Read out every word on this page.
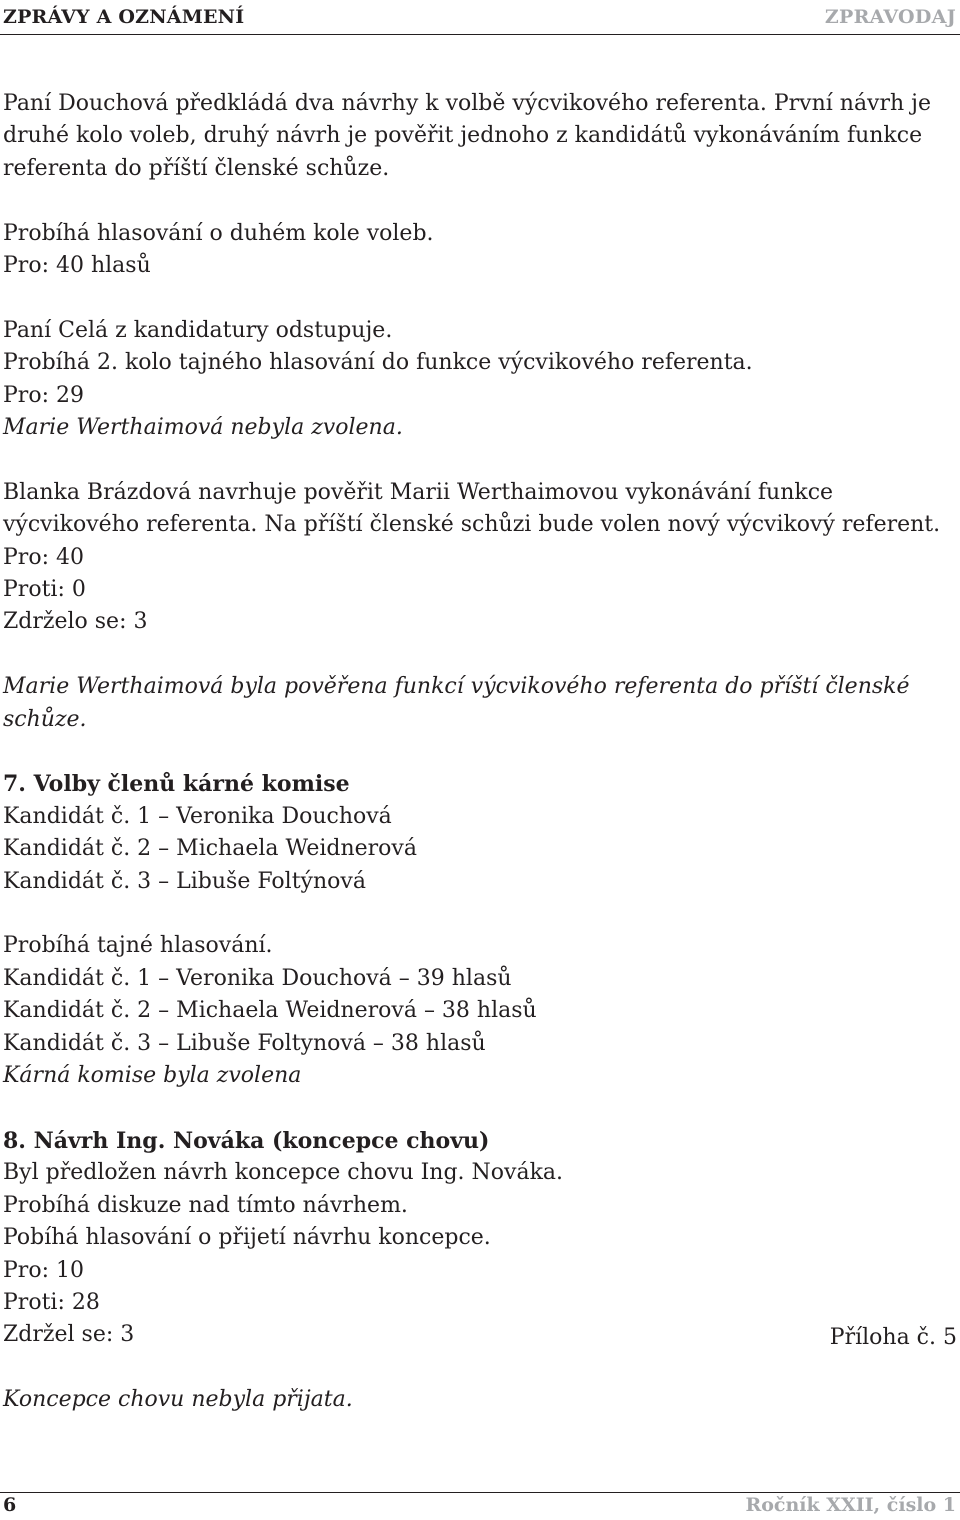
ZPRÁVY A OZNÁMENÍ	ZPRAVODAJ

Paní Douchová předkládá dva návrhy k volbě výcvikového referenta. První návrh je druhé kolo voleb, druhý návrh je pověřit jednoho z kandidátů vykonáváním funkce referenta do příští členské schůze.

Probíhá hlasování o duhém kole voleb.

Pro: 40 hlasů

Paní Celá z kandidatury odstupuje.

Probíhá 2. kolo tajného hlasování do funkce výcvikového referenta.

Pro: 29

Marie Werthaimová nebyla zvolena.

Blanka Brázdová navrhuje pověřit Marii Werthaimovou vykonávání funkce výcvikového referenta. Na příští členské schůzi bude volen nový výcvikový referent.

Pro: 40

Proti: 0

Zdrželo se: 3

Marie Werthaimová byla pověřena funkcí výcvikového referenta do příští členské schůze.

7. Volby členů kárné komise

Kandidát č. 1 – Veronika Douchová

Kandidát č. 2 – Michaela Weidnerová

Kandidát č. 3 – Libuše Foltýnová

Probíhá tajné hlasování.

Kandidát č. 1 – Veronika Douchová – 39 hlasů

Kandidát č. 2 – Michaela Weidnerová – 38 hlasů

Kandidát č. 3 – Libuše Foltynová – 38 hlasů

Kárná komise byla zvolena

8. Návrh Ing. Nováka (koncepce chovu)

Byl předložen návrh koncepce chovu Ing. Nováka.

Probíhá diskuze nad tímto návrhem.

Pobíhá hlasování o přijetí návrhu koncepce.

Pro: 10

Proti: 28

Zdržel se: 3

Koncepce chovu nebyla přijata.

Příloha č. 5
6	Ročník XXII, číslo 1
